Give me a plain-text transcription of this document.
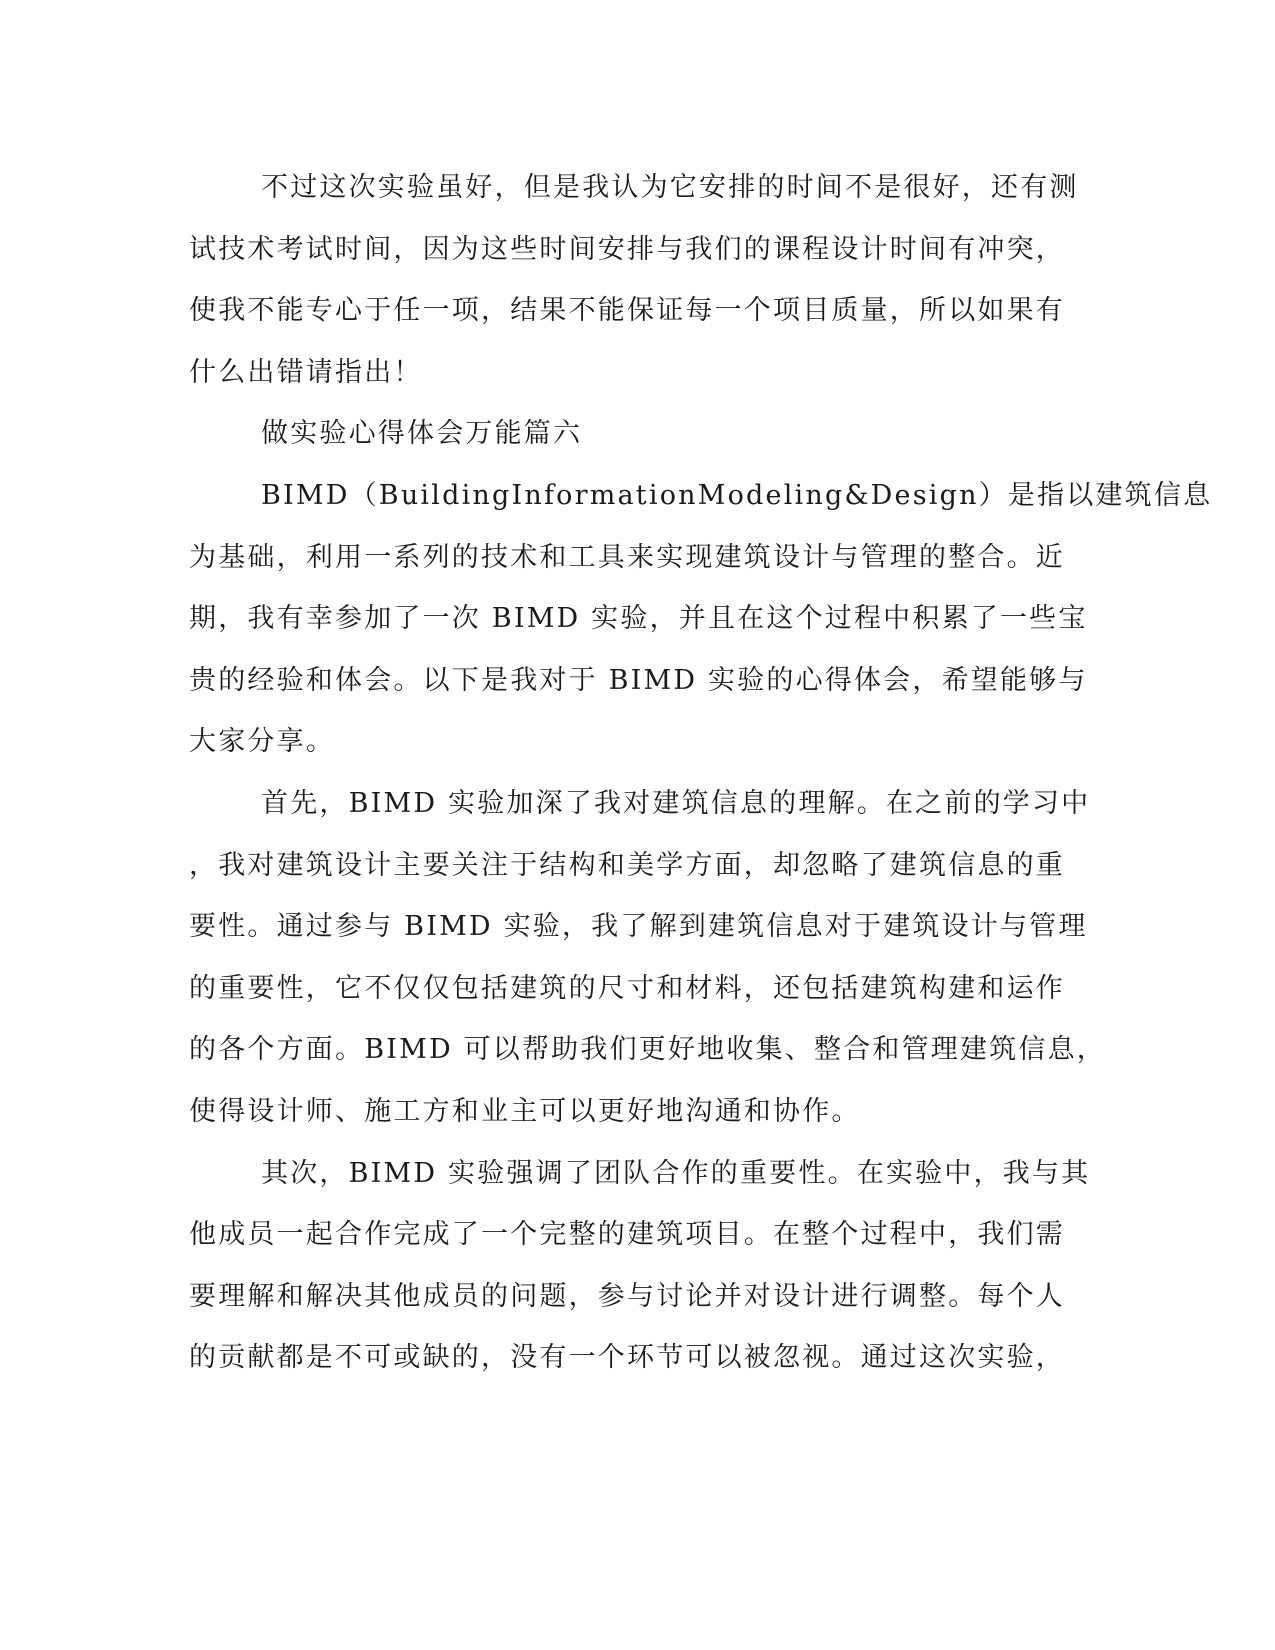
不过这次实验虽好，但是我认为它安排的时间不是很好，还有测
试技术考试时间，因为这些时间安排与我们的课程设计时间有冲突，
使我不能专心于任一项，结果不能保证每一个项目质量，所以如果有
什么出错请指出！
做实验心得体会万能篇六
BIMD（BuildingInformationModeling&Design）是指以建筑信息
为基础，利用一系列的技术和工具来实现建筑设计与管理的整合。近
期，我有幸参加了一次 BIMD 实验，并且在这个过程中积累了一些宝
贵的经验和体会。以下是我对于 BIMD 实验的心得体会，希望能够与
大家分享。
首先，BIMD 实验加深了我对建筑信息的理解。在之前的学习中
，我对建筑设计主要关注于结构和美学方面，却忽略了建筑信息的重
要性。通过参与 BIMD 实验，我了解到建筑信息对于建筑设计与管理
的重要性，它不仅仅包括建筑的尺寸和材料，还包括建筑构建和运作
的各个方面。BIMD 可以帮助我们更好地收集、整合和管理建筑信息，
使得设计师、施工方和业主可以更好地沟通和协作。
其次，BIMD 实验强调了团队合作的重要性。在实验中，我与其
他成员一起合作完成了一个完整的建筑项目。在整个过程中，我们需
要理解和解决其他成员的问题，参与讨论并对设计进行调整。每个人
的贡献都是不可或缺的，没有一个环节可以被忽视。通过这次实验，
